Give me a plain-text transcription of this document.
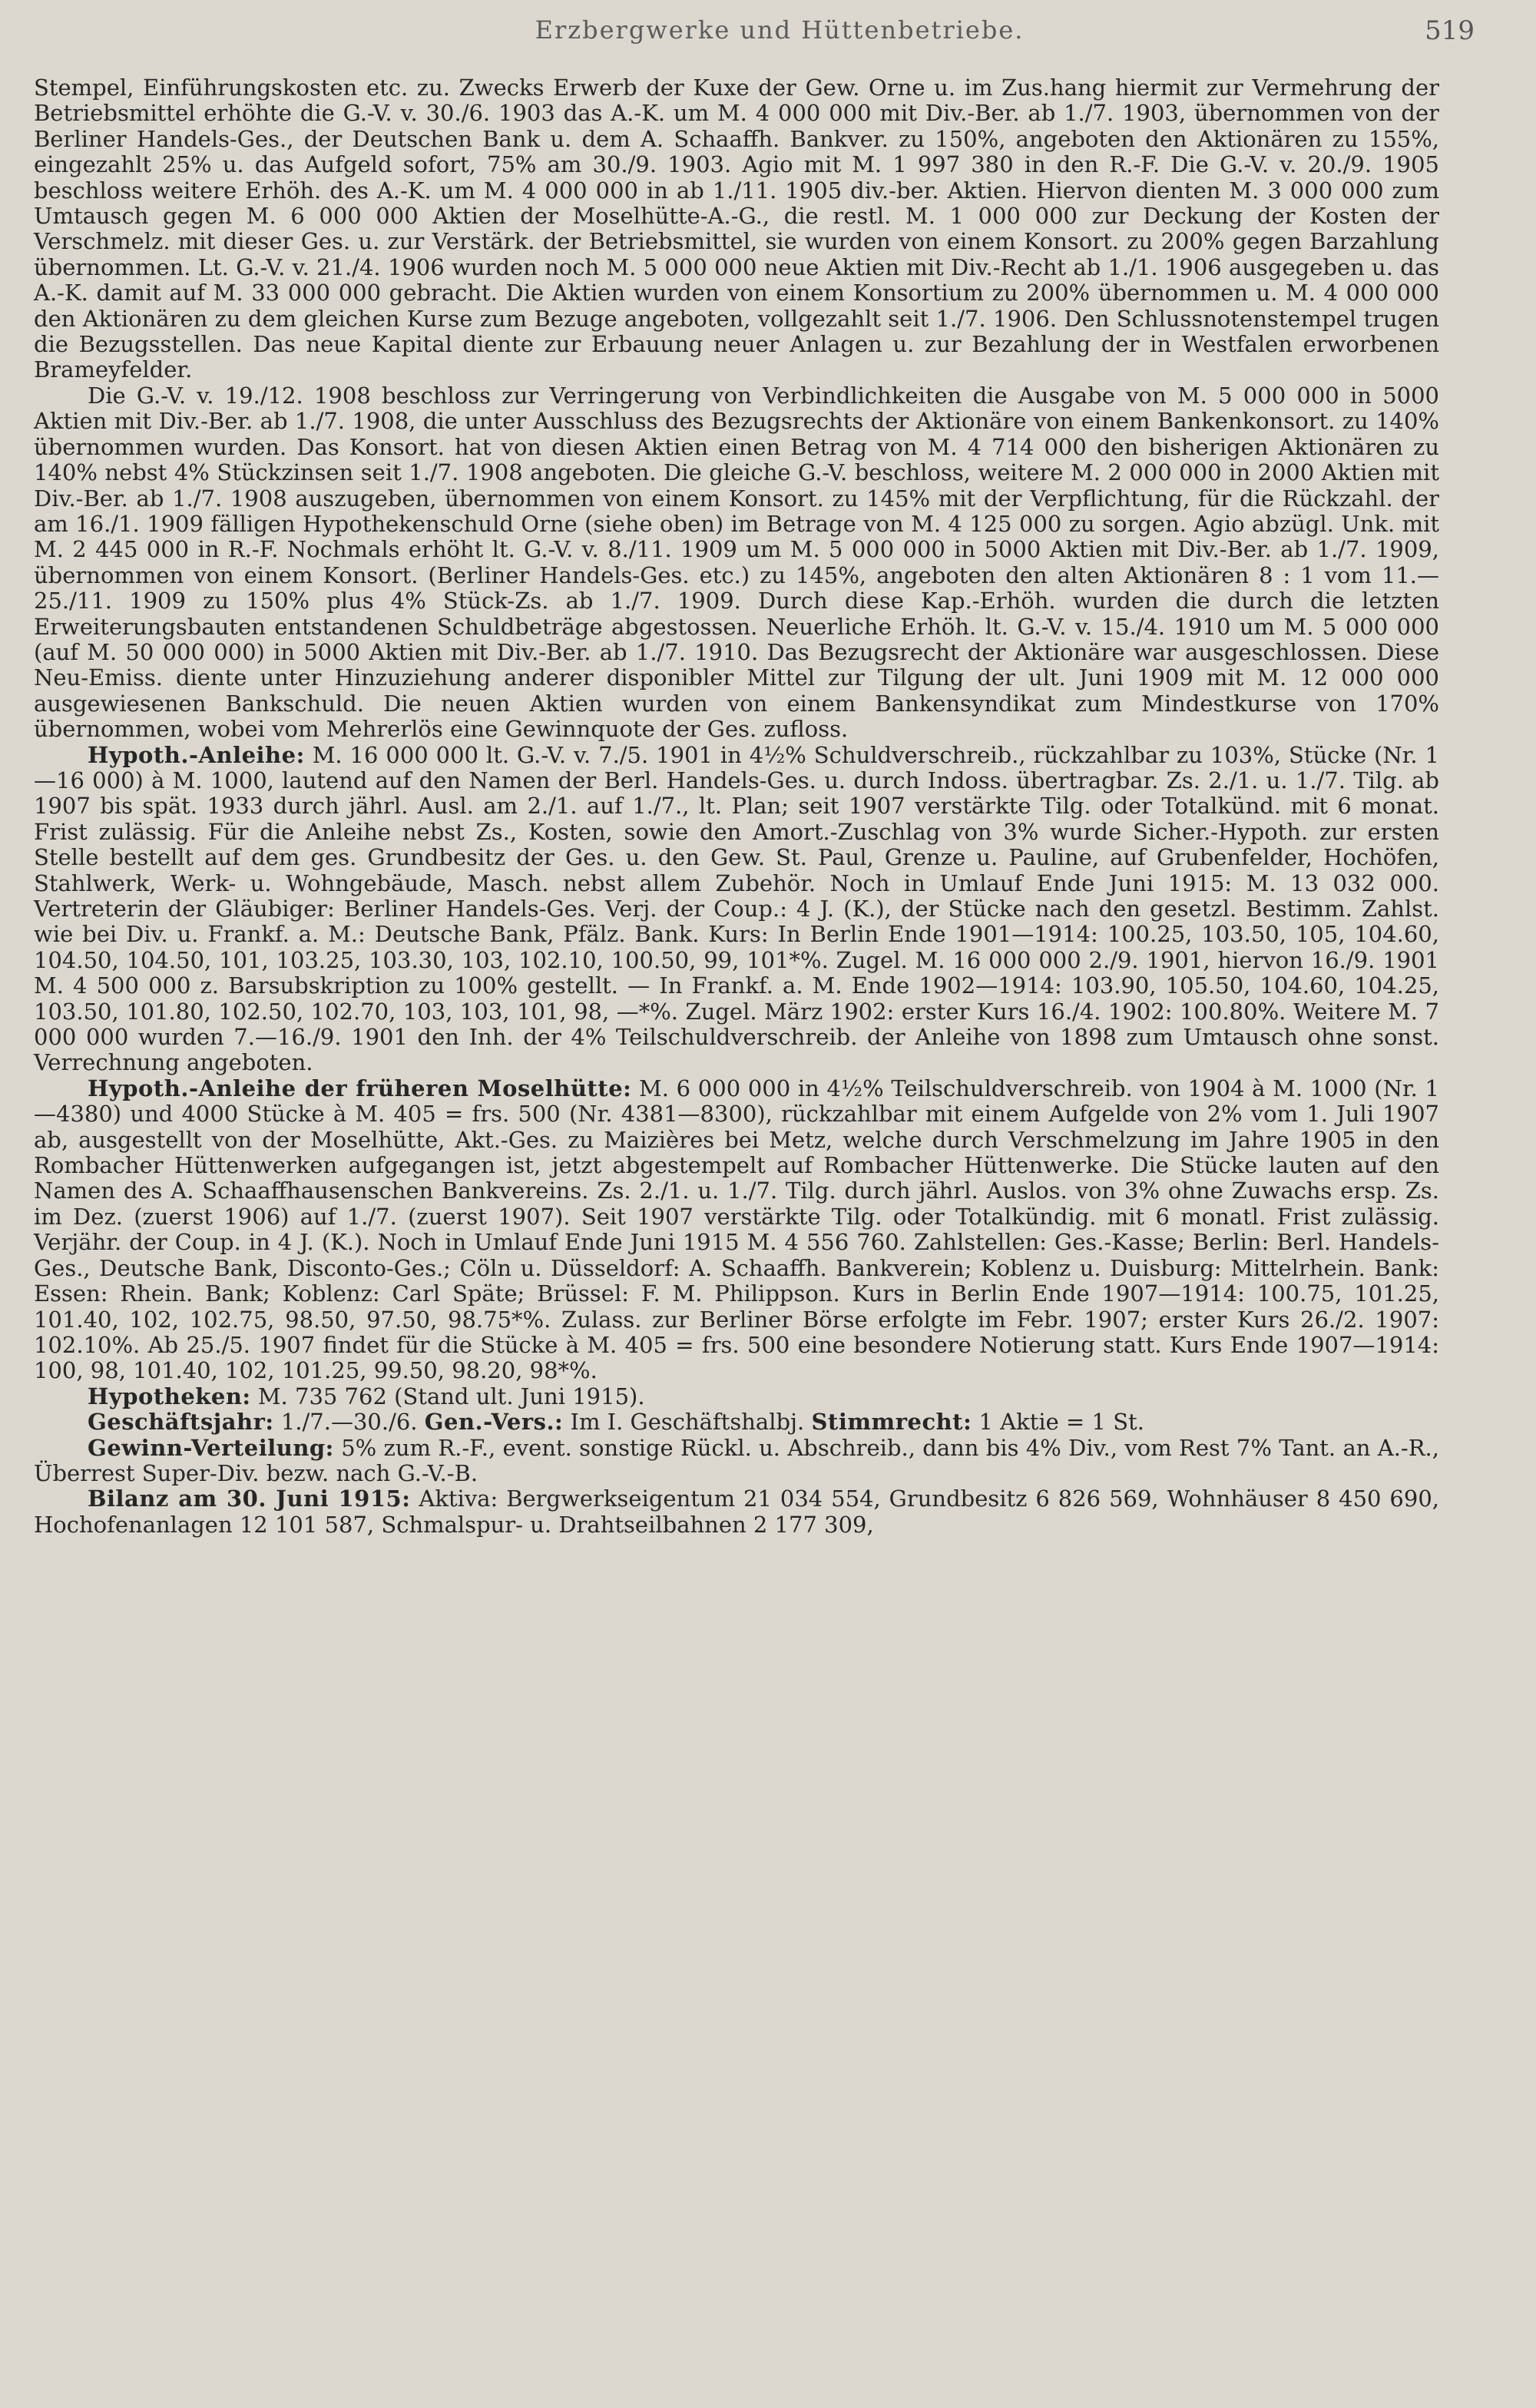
Erzbergwerke und Hüttenbetriebe.	519

Stempel, Einführungskosten etc. zu. Zwecks Erwerb der Kuxe der Gew. Orne u. im Zus.hang hiermit zur Vermehrung der Betriebsmittel erhöhte die G.-V. v. 30./6. 1903 das A.-K. um M. 4 000 000 mit Div.-Ber. ab 1./7. 1903, übernommen von der Berliner Handels-Ges., der Deutschen Bank u. dem A. Schaaffh. Bankver. zu 150%, angeboten den Aktionären zu 155%, eingezahlt 25% u. das Aufgeld sofort, 75% am 30./9. 1903. Agio mit M. 1 997 380 in den R.-F. Die G.-V. v. 20./9. 1905 beschloss weitere Erhöh. des A.-K. um M. 4 000 000 in ab 1./11. 1905 div.-ber. Aktien. Hiervon dienten M. 3 000 000 zum Umtausch gegen M. 6 000 000 Aktien der Moselhütte-A.-G., die restl. M. 1 000 000 zur Deckung der Kosten der Verschmelz. mit dieser Ges. u. zur Verstärk. der Betriebsmittel, sie wurden von einem Konsort. zu 200% gegen Barzahlung übernommen. Lt. G.-V. v. 21./4. 1906 wurden noch M. 5 000 000 neue Aktien mit Div.-Recht ab 1./1. 1906 ausgegeben u. das A.-K. damit auf M. 33 000 000 gebracht. Die Aktien wurden von einem Konsortium zu 200% übernommen u. M. 4 000 000 den Aktionären zu dem gleichen Kurse zum Bezuge angeboten, vollgezahlt seit 1./7. 1906. Den Schlussnotenstempel trugen die Bezugsstellen. Das neue Kapital diente zur Erbauung neuer Anlagen u. zur Bezahlung der in Westfalen erworbenen Brameyfelder.

Die G.-V. v. 19./12. 1908 beschloss zur Verringerung von Verbindlichkeiten die Ausgabe von M. 5 000 000 in 5000 Aktien mit Div.-Ber. ab 1./7. 1908, die unter Ausschluss des Bezugsrechts der Aktionäre von einem Bankenkonsort. zu 140% übernommen wurden. Das Konsort. hat von diesen Aktien einen Betrag von M. 4 714 000 den bisherigen Aktionären zu 140% nebst 4% Stückzinsen seit 1./7. 1908 angeboten. Die gleiche G.-V. beschloss, weitere M. 2 000 000 in 2000 Aktien mit Div.-Ber. ab 1./7. 1908 auszugeben, übernommen von einem Konsort. zu 145% mit der Verpflichtung, für die Rückzahl. der am 16./1. 1909 fälligen Hypothekenschuld Orne (siehe oben) im Betrage von M. 4 125 000 zu sorgen. Agio abzügl. Unk. mit M. 2 445 000 in R.-F. Nochmals erhöht lt. G.-V. v. 8./11. 1909 um M. 5 000 000 in 5000 Aktien mit Div.-Ber. ab 1./7. 1909, übernommen von einem Konsort. (Berliner Handels-Ges. etc.) zu 145%, angeboten den alten Aktionären 8 : 1 vom 11.—25./11. 1909 zu 150% plus 4% Stück-Zs. ab 1./7. 1909. Durch diese Kap.-Erhöh. wurden die durch die letzten Erweiterungsbauten entstandenen Schuldbeträge abgestossen. Neuerliche Erhöh. lt. G.-V. v. 15./4. 1910 um M. 5 000 000 (auf M. 50 000 000) in 5000 Aktien mit Div.-Ber. ab 1./7. 1910. Das Bezugsrecht der Aktionäre war ausgeschlossen. Diese Neu-Emiss. diente unter Hinzuziehung anderer disponibler Mittel zur Tilgung der ult. Juni 1909 mit M. 12 000 000 ausgewiesenen Bankschuld. Die neuen Aktien wurden von einem Bankensyndikat zum Mindestkurse von 170% übernommen, wobei vom Mehrerlös eine Gewinnquote der Ges. zufloss.

Hypoth.-Anleihe: M. 16 000 000 lt. G.-V. v. 7./5. 1901 in 4½% Schuldverschreib., rückzahlbar zu 103%, Stücke (Nr. 1—16 000) à M. 1000, lautend auf den Namen der Berl. Handels-Ges. u. durch Indoss. übertragbar. Zs. 2./1. u. 1./7. Tilg. ab 1907 bis spät. 1933 durch jährl. Ausl. am 2./1. auf 1./7., lt. Plan; seit 1907 verstärkte Tilg. oder Totalkünd. mit 6 monat. Frist zulässig. Für die Anleihe nebst Zs., Kosten, sowie den Amort.-Zuschlag von 3% wurde Sicher.-Hypoth. zur ersten Stelle bestellt auf dem ges. Grundbesitz der Ges. u. den Gew. St. Paul, Grenze u. Pauline, auf Grubenfelder, Hochöfen, Stahlwerk, Werk- u. Wohngebäude, Masch. nebst allem Zubehör. Noch in Umlauf Ende Juni 1915: M. 13 032 000. Vertreterin der Gläubiger: Berliner Handels-Ges. Verj. der Coup.: 4 J. (K.), der Stücke nach den gesetzl. Bestimm. Zahlst. wie bei Div. u. Frankf. a. M.: Deutsche Bank, Pfälz. Bank. Kurs: In Berlin Ende 1901—1914: 100.25, 103.50, 105, 104.60, 104.50, 104.50, 101, 103.25, 103.30, 103, 102.10, 100.50, 99, 101*%. Zugel. M. 16 000 000 2./9. 1901, hiervon 16./9. 1901 M. 4 500 000 z. Barsubskription zu 100% gestellt. — In Frankf. a. M. Ende 1902—1914: 103.90, 105.50, 104.60, 104.25, 103.50, 101.80, 102.50, 102.70, 103, 103, 101, 98, —*%. Zugel. März 1902: erster Kurs 16./4. 1902: 100.80%. Weitere M. 7 000 000 wurden 7.—16./9. 1901 den Inh. der 4% Teilschuldverschreib. der Anleihe von 1898 zum Umtausch ohne sonst. Verrechnung angeboten.

Hypoth.-Anleihe der früheren Moselhütte: M. 6 000 000 in 4½% Teilschuldverschreib. von 1904 à M. 1000 (Nr. 1—4380) und 4000 Stücke à M. 405 = frs. 500 (Nr. 4381—8300), rückzahlbar mit einem Aufgelde von 2% vom 1. Juli 1907 ab, ausgestellt von der Moselhütte, Akt.-Ges. zu Maizières bei Metz, welche durch Verschmelzung im Jahre 1905 in den Rombacher Hüttenwerken aufgegangen ist, jetzt abgestempelt auf Rombacher Hüttenwerke. Die Stücke lauten auf den Namen des A. Schaaffhausenschen Bankvereins. Zs. 2./1. u. 1./7. Tilg. durch jährl. Auslos. von 3% ohne Zuwachs ersp. Zs. im Dez. (zuerst 1906) auf 1./7. (zuerst 1907). Seit 1907 verstärkte Tilg. oder Totalkündig. mit 6 monatl. Frist zulässig. Verjähr. der Coup. in 4 J. (K.). Noch in Umlauf Ende Juni 1915 M. 4 556 760. Zahlstellen: Ges.-Kasse; Berlin: Berl. Handels-Ges., Deutsche Bank, Disconto-Ges.; Cöln u. Düsseldorf: A. Schaaffh. Bankverein; Koblenz u. Duisburg: Mittelrhein. Bank: Essen: Rhein. Bank; Koblenz: Carl Späte; Brüssel: F. M. Philippson. Kurs in Berlin Ende 1907—1914: 100.75, 101.25, 101.40, 102, 102.75, 98.50, 97.50, 98.75*%. Zulass. zur Berliner Börse erfolgte im Febr. 1907; erster Kurs 26./2. 1907: 102.10%. Ab 25./5. 1907 findet für die Stücke à M. 405 = frs. 500 eine besondere Notierung statt. Kurs Ende 1907—1914: 100, 98, 101.40, 102, 101.25, 99.50, 98.20, 98*%.

Hypotheken: M. 735 762 (Stand ult. Juni 1915).

Geschäftsjahr: 1./7.—30./6. Gen.-Vers.: Im I. Geschäftshalbj. Stimmrecht: 1 Aktie = 1 St.

Gewinn-Verteilung: 5% zum R.-F., event. sonstige Rückl. u. Abschreib., dann bis 4% Div., vom Rest 7% Tant. an A.-R., Überrest Super-Div. bezw. nach G.-V.-B.

Bilanz am 30. Juni 1915: Aktiva: Bergwerkseigentum 21 034 554, Grundbesitz 6 826 569, Wohnhäuser 8 450 690, Hochofenanlagen 12 101 587, Schmalspur- u. Drahtseilbahnen 2 177 309,
